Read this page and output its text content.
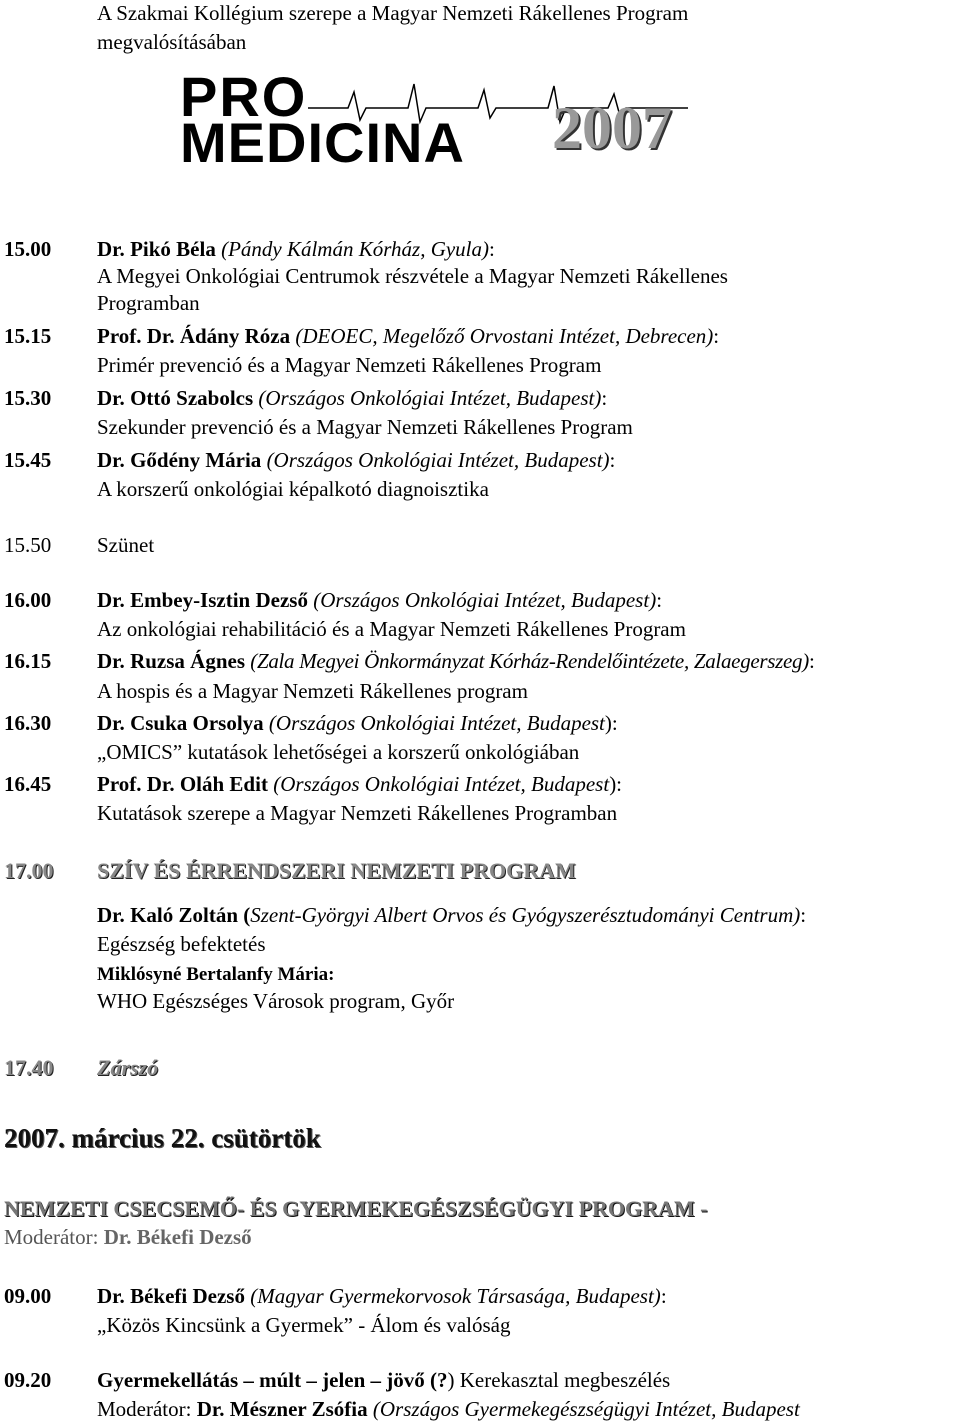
A Szakmai Kollégium szerepe a Magyar Nemzeti Rákellenes Program
megvalósításában
PRO
MEDICINA 2007
15.00 Dr. Pikó Béla (Pándy Kálmán Kórház, Gyula):
A Megyei Onkológiai Centrumok részvétele a Magyar Nemzeti Rákellenes
Programban
15.15 Prof. Dr. Ádány Róza (DEOEC, Megelőző Orvostani Intézet, Debrecen):
Primér prevenció és a Magyar Nemzeti Rákellenes Program
15.30 Dr. Ottó Szabolcs (Országos Onkológiai Intézet, Budapest):
Szekunder prevenció és a Magyar Nemzeti Rákellenes Program
15.45 Dr. Gődény Mária (Országos Onkológiai Intézet, Budapest):
A korszerű onkológiai képalkotó diagnoisztika
15.50 Szünet
16.00 Dr. Embey-Isztin Dezső (Országos Onkológiai Intézet, Budapest):
Az onkológiai rehabilitáció és a Magyar Nemzeti Rákellenes Program
16.15 Dr. Ruzsa Ágnes (Zala Megyei Önkormányzat Kórház-Rendelőintézete, Zalaegerszeg):
A hospis és a Magyar Nemzeti Rákellenes program
16.30 Dr. Csuka Orsolya (Országos Onkológiai Intézet, Budapest):
„OMICS” kutatások lehetőségei a korszerű onkológiában
16.45 Prof. Dr. Oláh Edit (Országos Onkológiai Intézet, Budapest):
Kutatások szerepe a Magyar Nemzeti Rákellenes Programban
17.00 SZÍV ÉS ÉRRENDSZERI NEMZETI PROGRAM
Dr. Kaló Zoltán (Szent-Györgyi Albert Orvos és Gyógyszerésztudományi Centrum):
Egészség befektetés
Miklósyné Bertalanfy Mária:
WHO Egészséges Városok program, Győr
17.40 Zárszó
2007. március 22. csütörtök
NEMZETI CSECSEMŐ- ÉS GYERMEKEGÉSZSÉGÜGYI PROGRAM -
Moderátor: Dr. Békefi Dezső
09.00 Dr. Békefi Dezső (Magyar Gyermekorvosok Társasága, Budapest):
„Közös Kincsünk a Gyermek” - Álom és valóság
09.20 Gyermekellátás – múlt – jelen – jövő (?) Kerekasztal megbeszélés
Moderátor: Dr. Mészner Zsófia (Országos Gyermekegészségügyi Intézet, Budapest
